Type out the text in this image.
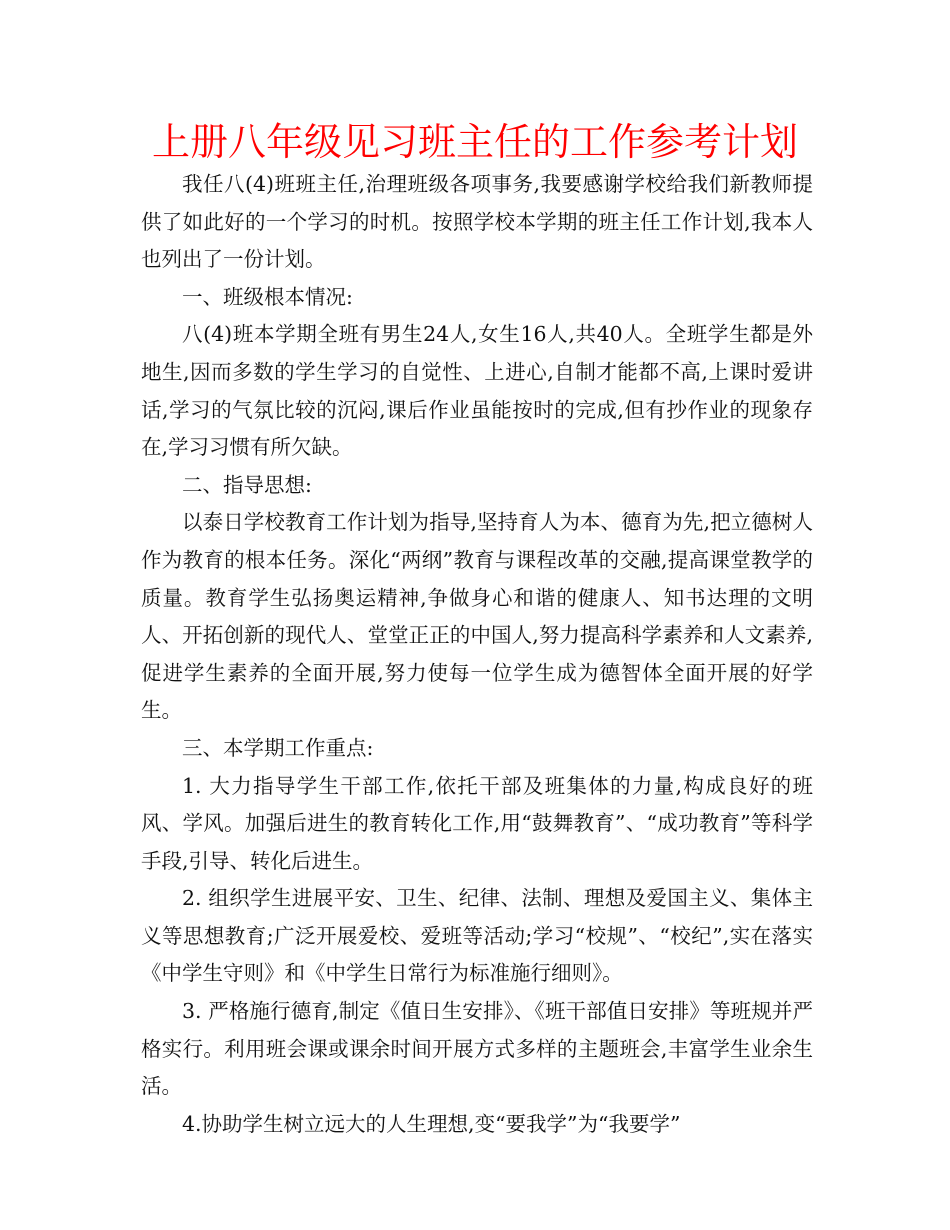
上册八年级见习班主任的工作参考计划

我任八(4)班班主任,治理班级各项事务,我要感谢学校给我们新教师提供了如此好的一个学习的时机。按照学校本学期的班主任工作计划,我本人也列出了一份计划。

一、班级根本情况:

八(4)班本学期全班有男生24人,女生16人,共40人。全班学生都是外地生,因而多数的学生学习的自觉性、上进心,自制才能都不高,上课时爱讲话,学习的气氛比较的沉闷,课后作业虽能按时的完成,但有抄作业的现象存在,学习习惯有所欠缺。

二、指导思想:

以泰日学校教育工作计划为指导,坚持育人为本、德育为先,把立德树人作为教育的根本任务。深化“两纲”教育与课程改革的交融,提高课堂教学的质量。教育学生弘扬奥运精神,争做身心和谐的健康人、知书达理的文明人、开拓创新的现代人、堂堂正正的中国人,努力提高科学素养和人文素养,促进学生素养的全面开展,努力使每一位学生成为德智体全面开展的好学生。

三、本学期工作重点:

1. 大力指导学生干部工作,依托干部及班集体的力量,构成良好的班风、学风。加强后进生的教育转化工作,用“鼓舞教育”、“成功教育”等科学手段,引导、转化后进生。

2. 组织学生进展平安、卫生、纪律、法制、理想及爱国主义、集体主义等思想教育;广泛开展爱校、爱班等活动;学习“校规”、“校纪”,实在落实《中学生守则》和《中学生日常行为标准施行细则》。

3. 严格施行德育,制定《值日生安排》、《班干部值日安排》等班规并严格实行。利用班会课或课余时间开展方式多样的主题班会,丰富学生业余生活。

4.协助学生树立远大的人生理想,变“要我学”为“我要学”
